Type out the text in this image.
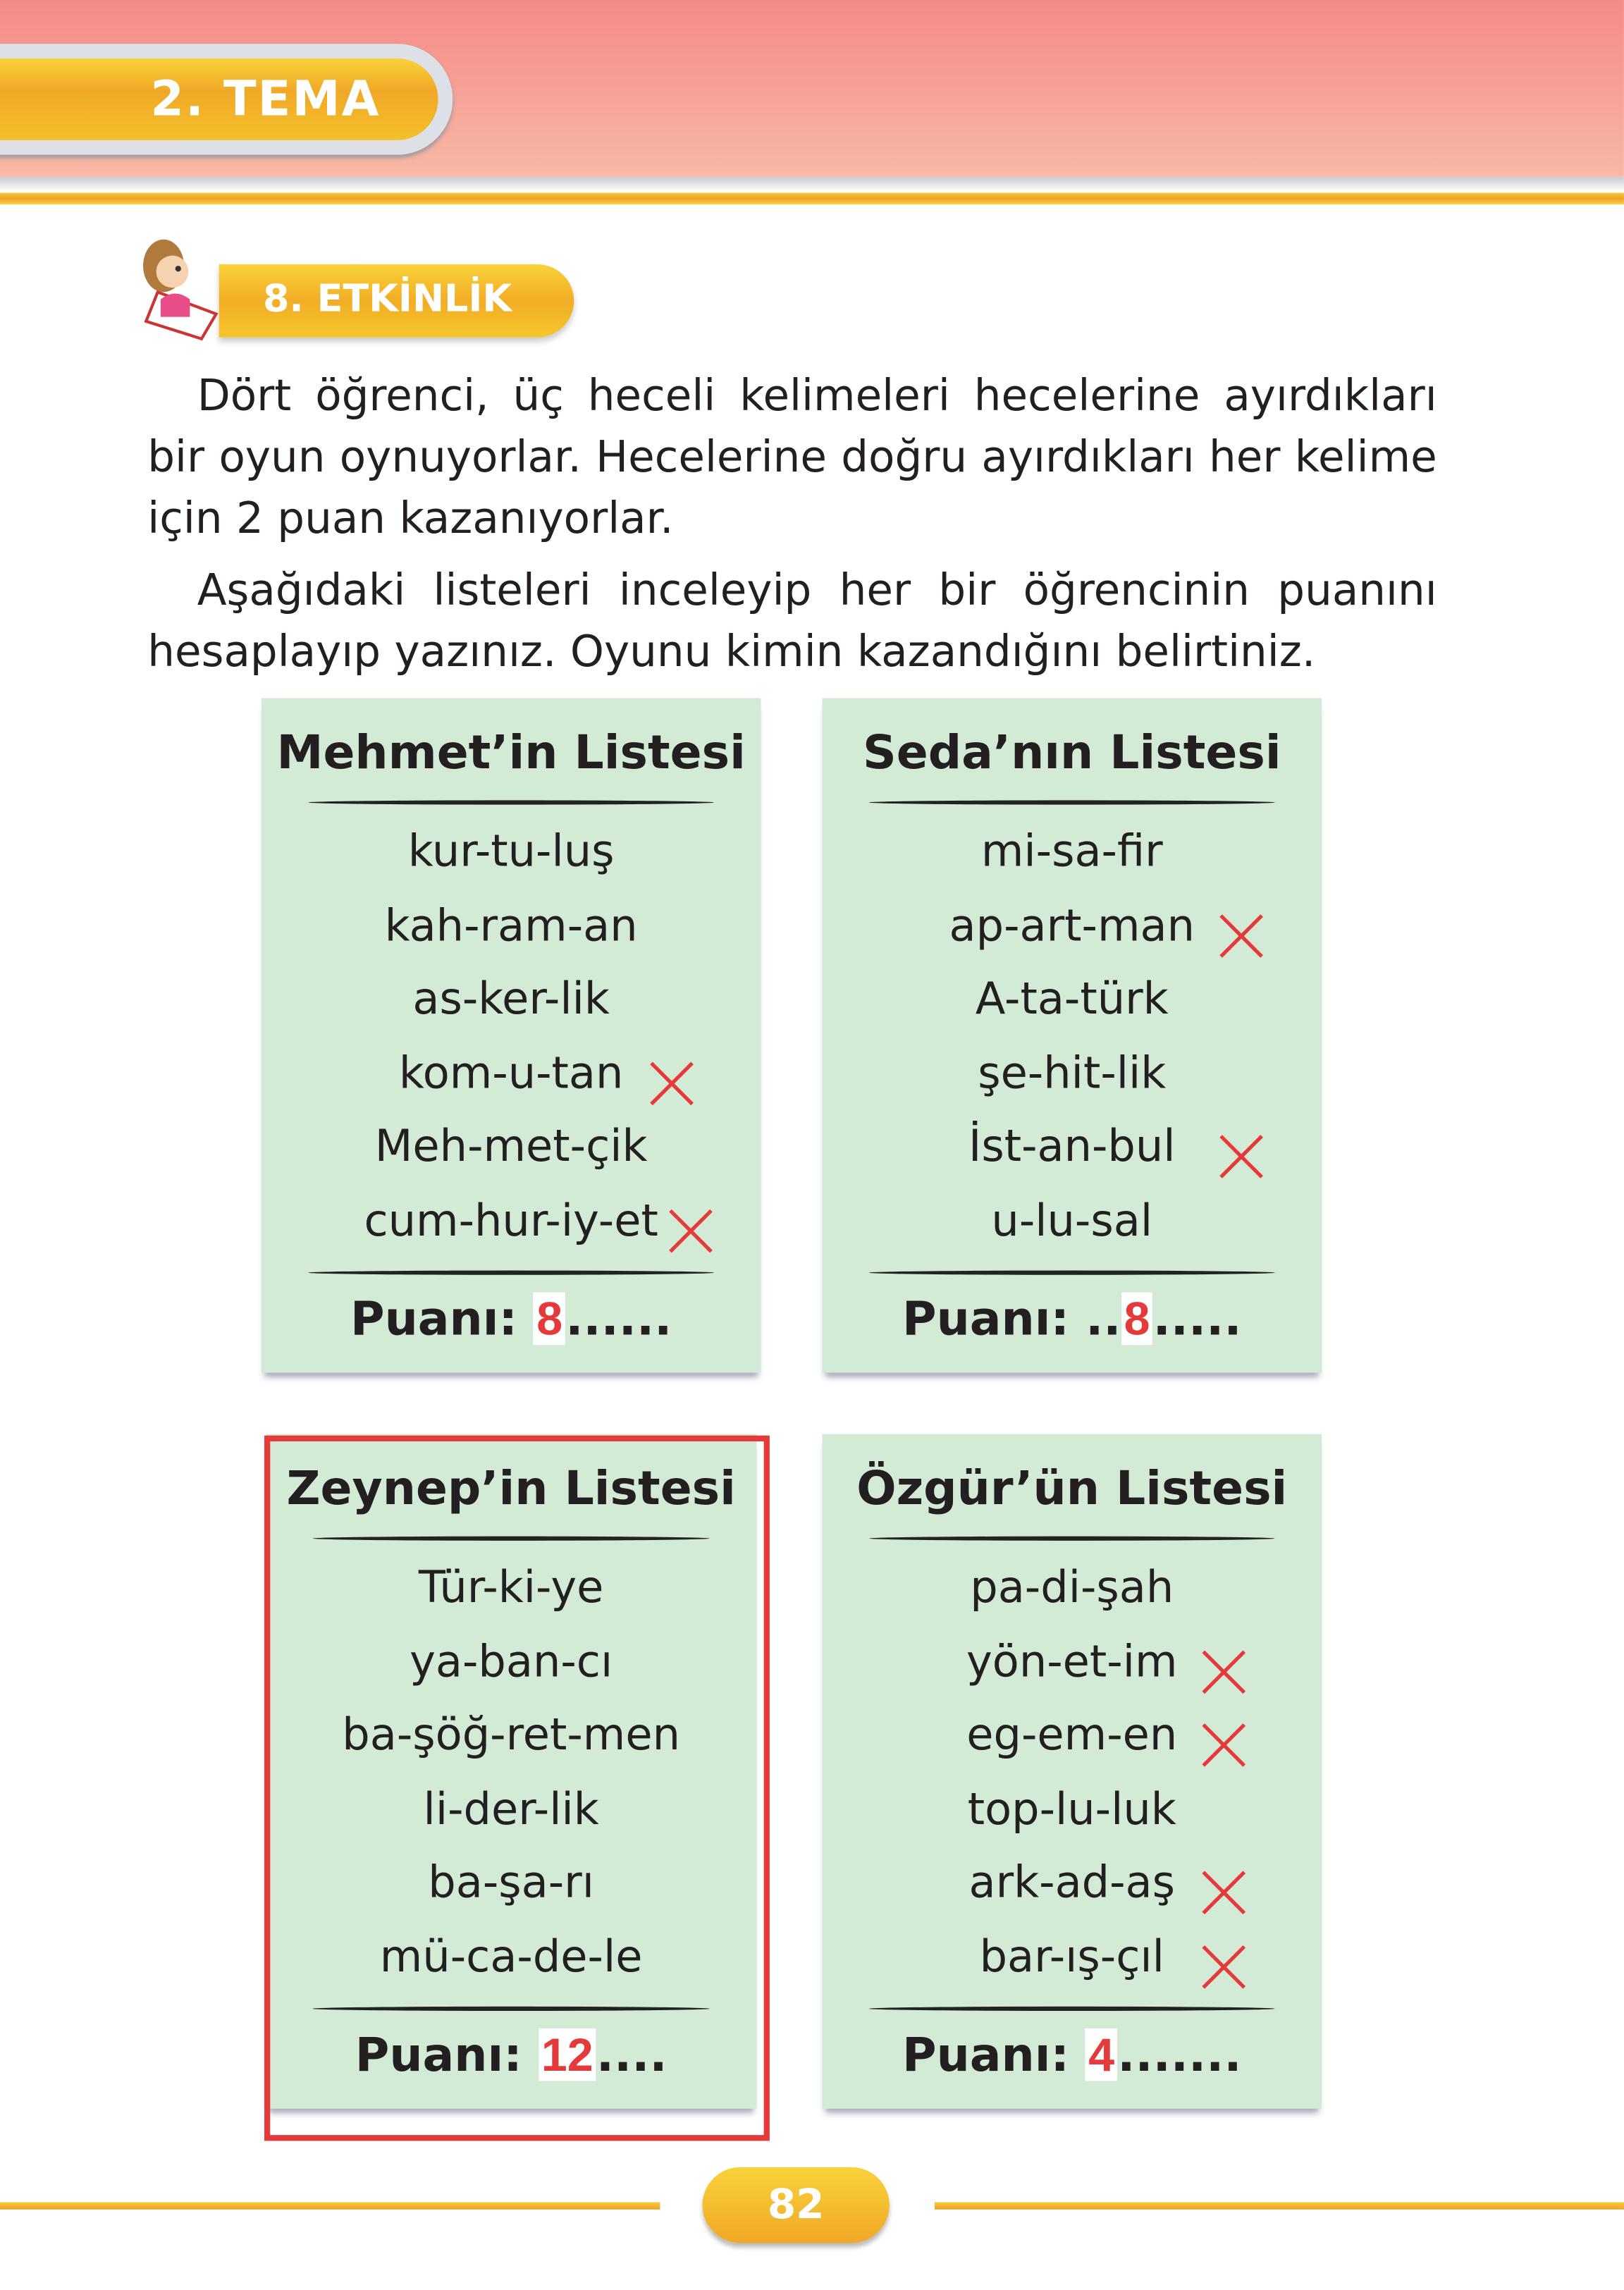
2. TEMA
8. ETKİNLİK
Dört öğrenci, üç heceli kelimeleri hecelerine ayırdıkları bir oyun oynuyorlar. Hecelerine doğru ayırdıkları her kelime için 2 puan kazanıyorlar.
Aşağıdaki listeleri inceleyip her bir öğrencinin puanını hesaplayıp yazınız. Oyunu kimin kazandığını belirtiniz.
Mehmet’in Listesi
kur-tu-luş
kah-ram-an
as-ker-lik
kom-u-tan
Meh-met-çik
cum-hur-iy-et
Puanı: 8 ......
Seda’nın Listesi
mi-sa-fir
ap-art-man
A-ta-türk
şe-hit-lik
İst-an-bul
u-lu-sal
Puanı: .. 8 .....
Zeynep’in Listesi
Tür-ki-ye
ya-ban-cı
ba-şöğ-ret-men
li-der-lik
ba-şa-rı
mü-ca-de-le
Puanı: 12 ....
Özgür’ün Listesi
pa-di-şah
yön-et-im
eg-em-en
top-lu-luk
ark-ad-aş
bar-ış-çıl
Puanı: 4 .......
82
